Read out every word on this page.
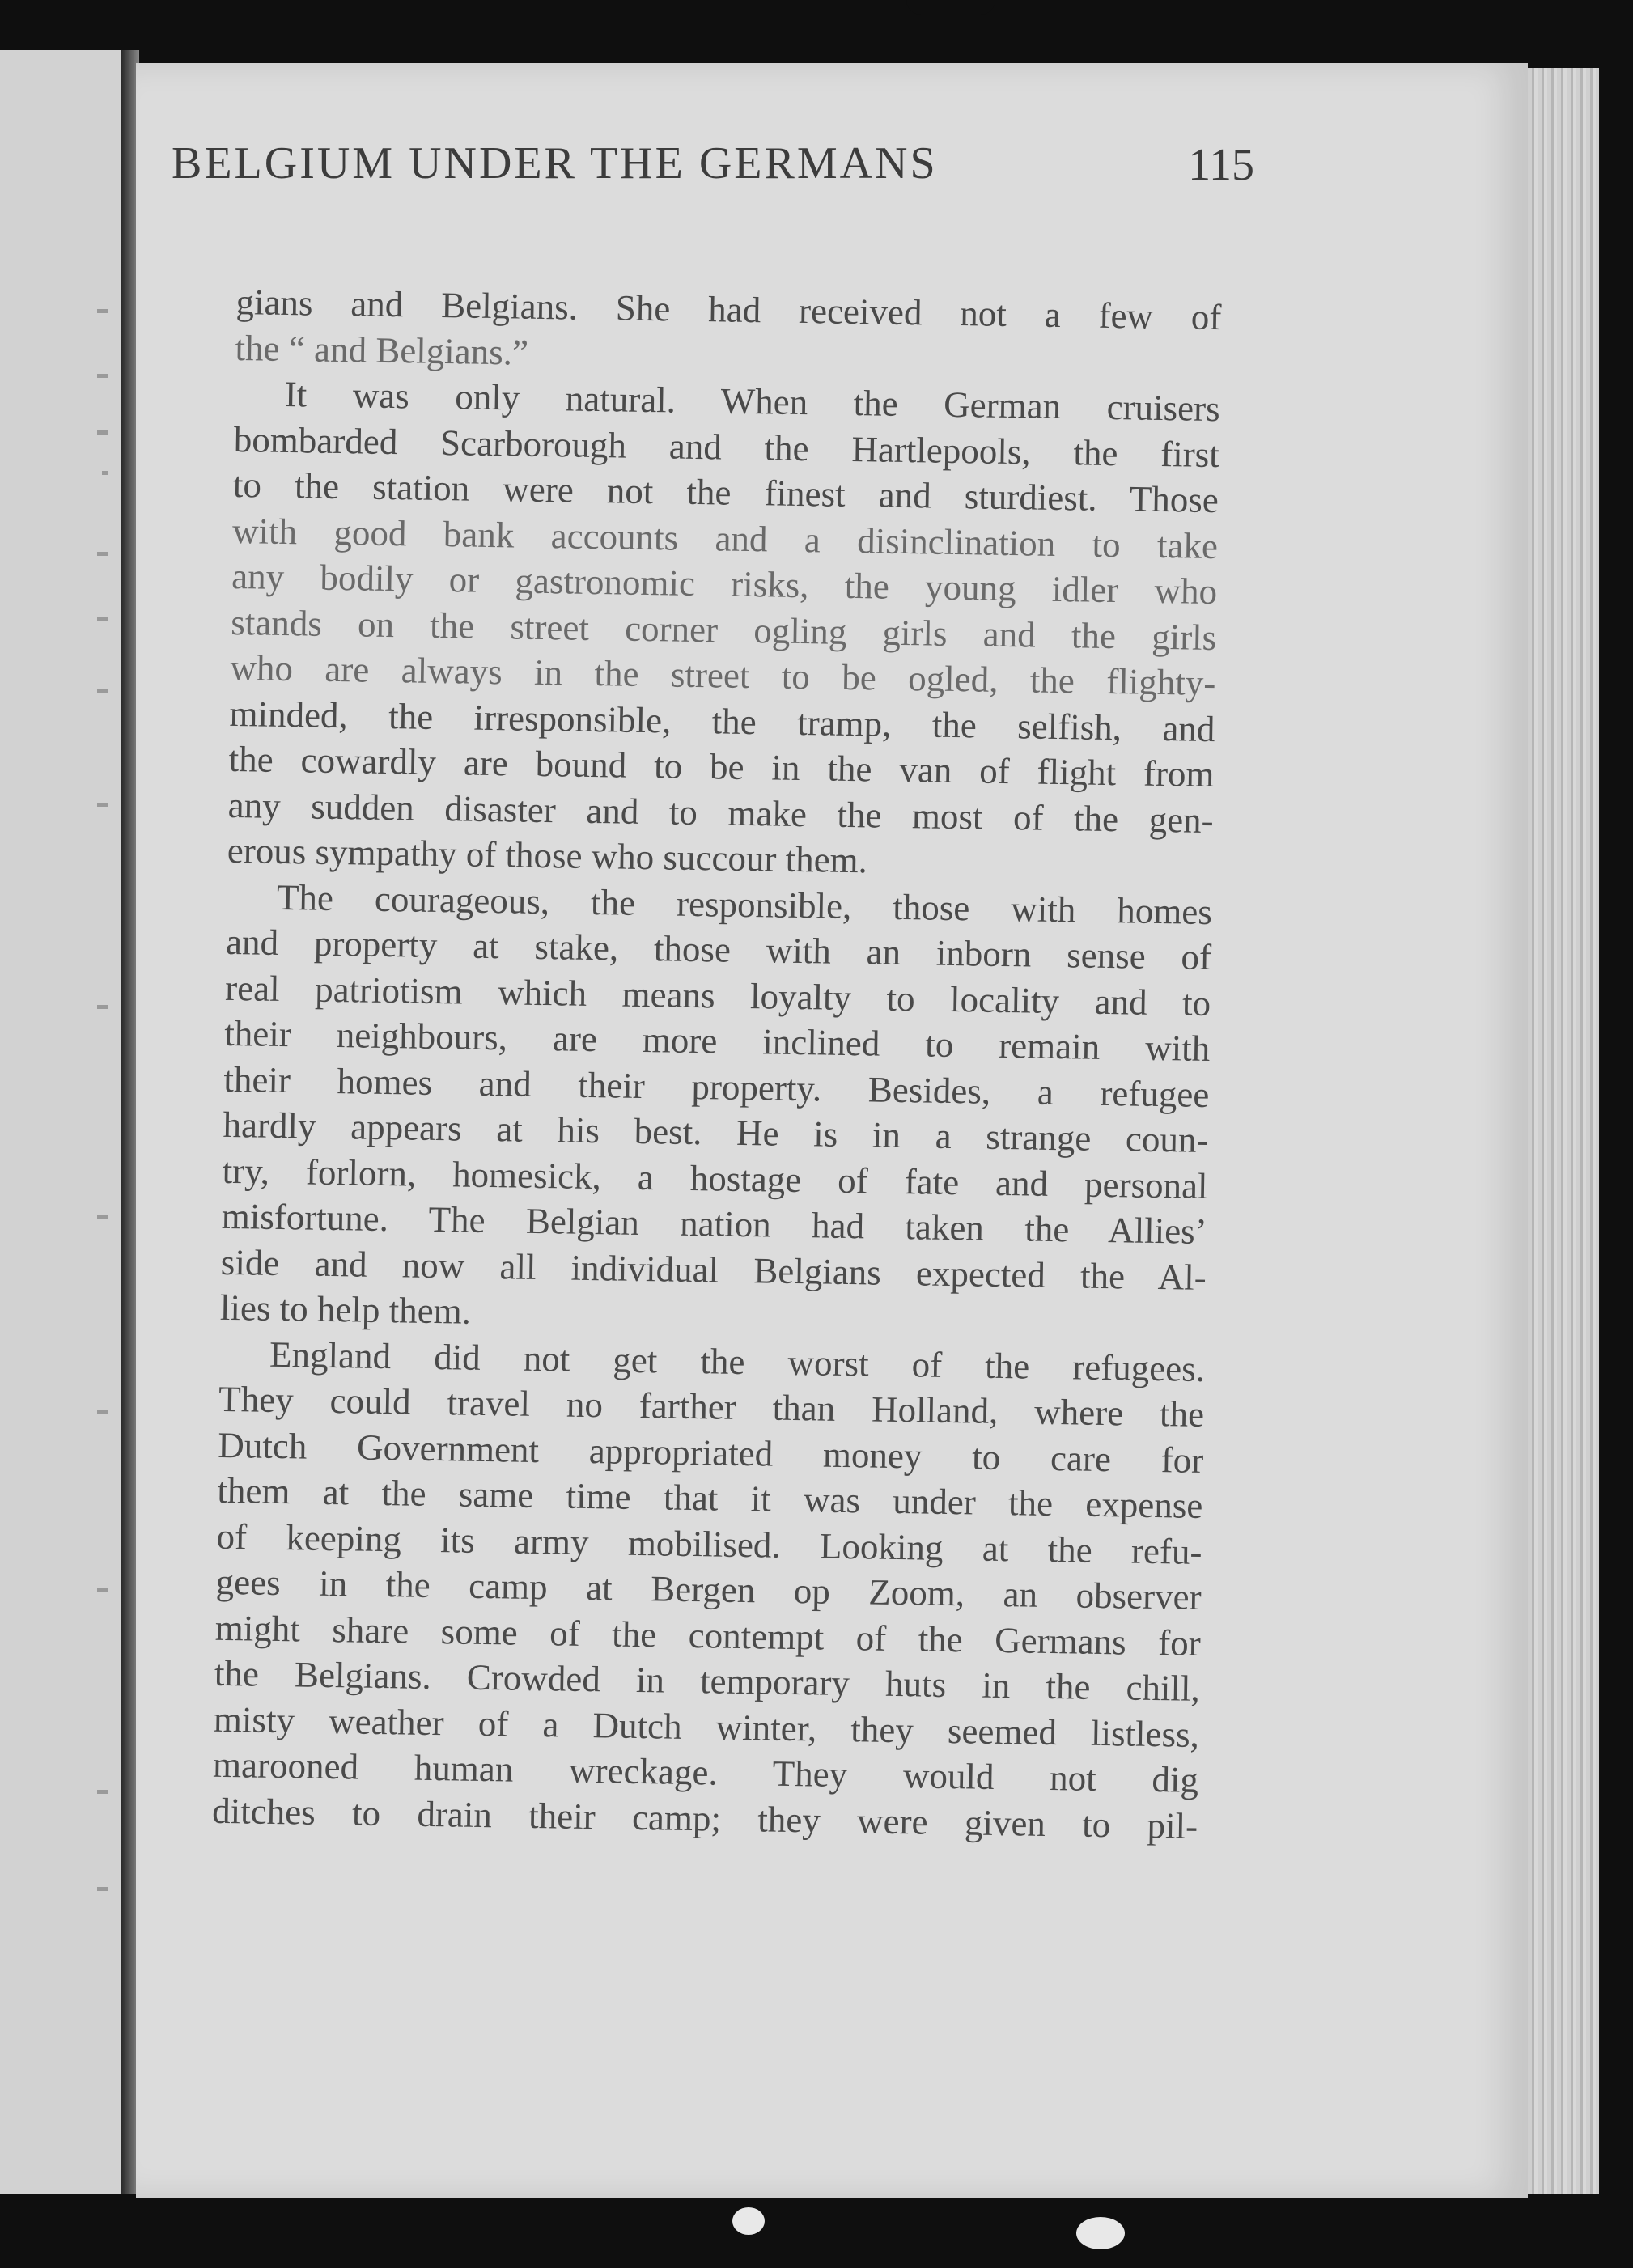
BELGIUM UNDER THE GERMANS	115
gians and Belgians. She had received not a few of
the “ and Belgians.”
It was only natural. When the German cruisers
bombarded Scarborough and the Hartlepools, the first
to the station were not the finest and sturdiest. Those
with good bank accounts and a disinclination to take
any bodily or gastronomic risks, the young idler who
stands on the street corner ogling girls and the girls
who are always in the street to be ogled, the flighty-
minded, the irresponsible, the tramp, the selfish, and
the cowardly are bound to be in the van of flight from
any sudden disaster and to make the most of the gen-
erous sympathy of those who succour them.
The courageous, the responsible, those with homes
and property at stake, those with an inborn sense of
real patriotism which means loyalty to locality and to
their neighbours, are more inclined to remain with
their homes and their property. Besides, a refugee
hardly appears at his best. He is in a strange coun-
try, forlorn, homesick, a hostage of fate and personal
misfortune. The Belgian nation had taken the Allies’
side and now all individual Belgians expected the Al-
lies to help them.
England did not get the worst of the refugees.
They could travel no farther than Holland, where the
Dutch Government appropriated money to care for
them at the same time that it was under the expense
of keeping its army mobilised. Looking at the refu-
gees in the camp at Bergen op Zoom, an observer
might share some of the contempt of the Germans for
the Belgians. Crowded in temporary huts in the chill,
misty weather of a Dutch winter, they seemed listless,
marooned human wreckage. They would not dig
ditches to drain their camp; they were given to pil-
